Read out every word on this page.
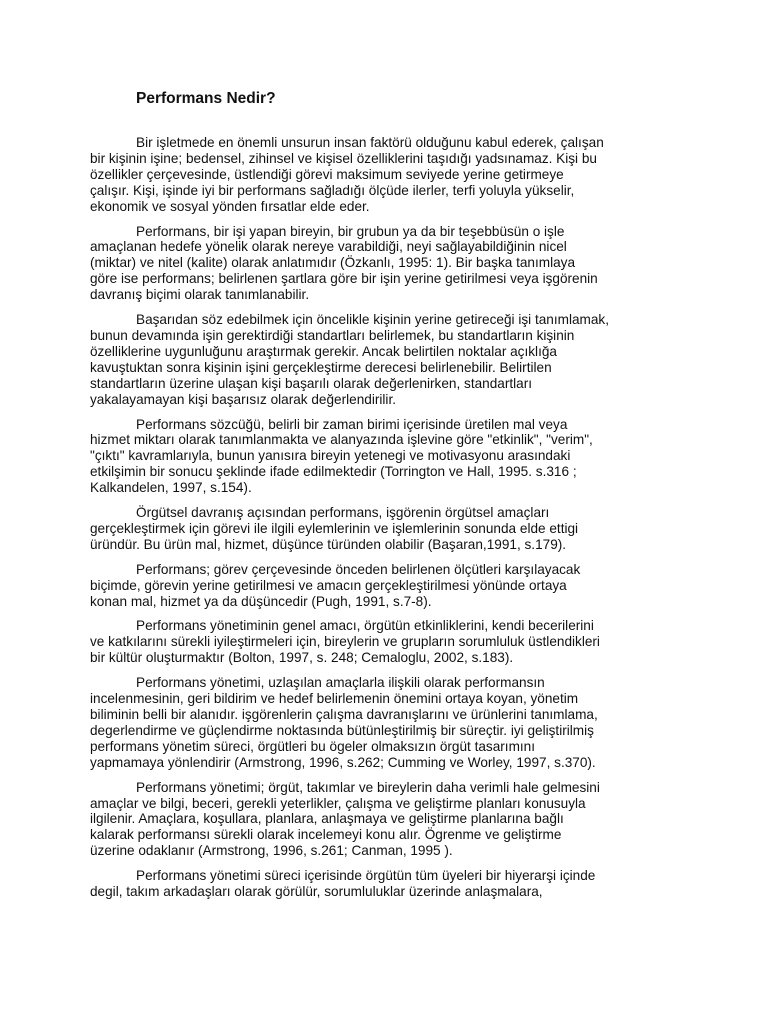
Performans Nedir?

Bir işletmede en önemli unsurun insan faktörü olduğunu kabul ederek, çalışan
bir kişinin işine; bedensel, zihinsel ve kişisel özelliklerini taşıdığı yadsınamaz. Kişi bu
özellikler çerçevesinde, üstlendiği görevi maksimum seviyede yerine getirmeye
çalışır. Kişi, işinde iyi bir performans sağladığı ölçüde ilerler, terfi yoluyla yükselir,
ekonomik ve sosyal yönden fırsatlar elde eder.

Performans, bir işi yapan bireyin, bir grubun ya da bir teşebbüsün o işle
amaçlanan hedefe yönelik olarak nereye varabildiği, neyi sağlayabildiğinin nicel
(miktar) ve nitel (kalite) olarak anlatımıdır (Özkanlı, 1995: 1). Bir başka tanımlaya
göre ise performans; belirlenen şartlara göre bir işin yerine getirilmesi veya işgörenin
davranış biçimi olarak tanımlanabilir.

Başarıdan söz edebilmek için öncelikle kişinin yerine getireceği işi tanımlamak,
bunun devamında işin gerektirdiği standartları belirlemek, bu standartların kişinin
özelliklerine uygunluğunu araştırmak gerekir. Ancak belirtilen noktalar açıklığa
kavuştuktan sonra kişinin işini gerçekleştirme derecesi belirlenebilir. Belirtilen
standartların üzerine ulaşan kişi başarılı olarak değerlenirken, standartları
yakalayamayan kişi başarısız olarak değerlendirilir.

Performans sözcüğü, belirli bir zaman birimi içerisinde üretilen mal veya
hizmet miktarı olarak tanımlanmakta ve alanyazında işlevine göre "etkinlik", "verim",
"çıktı" kavramlarıyla, bunun yanısıra bireyin yetenegi ve motivasyonu arasındaki
etkilşimin bir sonucu şeklinde ifade edilmektedir (Torrington ve Hall, 1995. s.316 ;
Kalkandelen, 1997, s.154).

Örgütsel davranış açısından performans, işgörenin örgütsel amaçları
gerçekleştirmek için görevi ile ilgili eylemlerinin ve işlemlerinin sonunda elde ettigi
üründür. Bu ürün mal, hizmet, düşünce türünden olabilir (Başaran,1991, s.179).

Performans; görev çerçevesinde önceden belirlenen ölçütleri karşılayacak
biçimde, görevin yerine getirilmesi ve amacın gerçekleştirilmesi yönünde ortaya
konan mal, hizmet ya da düşüncedir (Pugh, 1991, s.7-8).

Performans yönetiminin genel amacı, örgütün etkinliklerini, kendi becerilerini
ve katkılarını sürekli iyileştirmeleri için, bireylerin ve grupların sorumluluk üstlendikleri
bir kültür oluşturmaktır (Bolton, 1997, s. 248; Cemaloglu, 2002, s.183).

Performans yönetimi, uzlaşılan amaçlarla ilişkili olarak performansın
incelenmesinin, geri bildirim ve hedef belirlemenin önemini ortaya koyan, yönetim
biliminin belli bir alanıdır. işgörenlerin çalışma davranışlarını ve ürünlerini tanımlama,
degerlendirme ve güçlendirme noktasında bütünleştirilmiş bir süreçtir. iyi geliştirilmiş
performans yönetim süreci, örgütleri bu ögeler olmaksızın örgüt tasarımını
yapmamaya yönlendirir (Armstrong, 1996, s.262; Cumming ve Worley, 1997, s.370).

Performans yönetimi; örgüt, takımlar ve bireylerin daha verimli hale gelmesini
amaçlar ve bilgi, beceri, gerekli yeterlikler, çalışma ve geliştirme planları konusuyla
ilgilenir. Amaçlara, koşullara, planlara, anlaşmaya ve geliştirme planlarına bağlı
kalarak performansı sürekli olarak incelemeyi konu alır. Ögrenme ve geliştirme
üzerine odaklanır (Armstrong, 1996, s.261; Canman, 1995 ).

Performans yönetimi süreci içerisinde örgütün tüm üyeleri bir hiyerarşi içinde
degil, takım arkadaşları olarak görülür, sorumluluklar üzerinde anlaşmalara,
